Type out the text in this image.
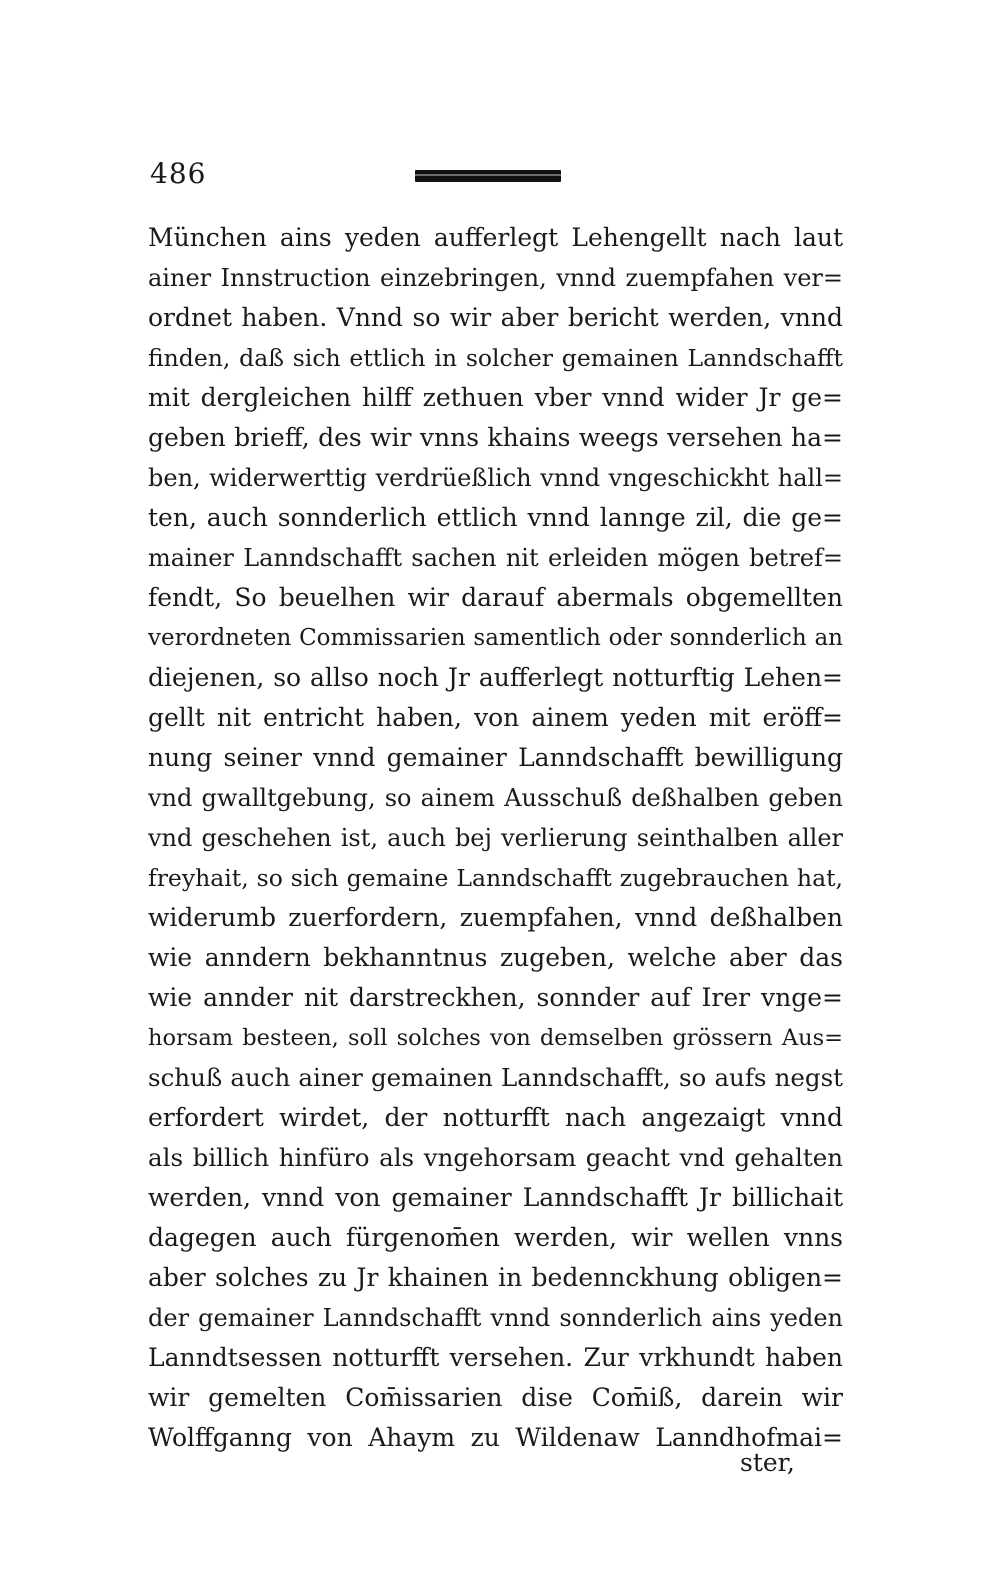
486
München ains yeden aufferlegt Lehengellt nach laut
ainer Innstruction einzebringen, vnnd zuempfahen ver=
ordnet haben. Vnnd so wir aber bericht werden, vnnd
finden, daß sich ettlich in solcher gemainen Lanndschafft
mit dergleichen hilff zethuen vber vnnd wider Jr ge=
geben brieff, des wir vnns khains weegs versehen ha=
ben, widerwerttig verdrüeßlich vnnd vngeschickht hall=
ten, auch sonnderlich ettlich vnnd lannge zil, die ge=
mainer Lanndschafft sachen nit erleiden mögen betref=
fendt, So beuelhen wir darauf abermals obgemellten
verordneten Commissarien samentlich oder sonnderlich an
diejenen, so allso noch Jr aufferlegt notturftig Lehen=
gellt nit entricht haben, von ainem yeden mit eröff=
nung seiner vnnd gemainer Lanndschafft bewilligung
vnd gwalltgebung, so ainem Ausschuß deßhalben geben
vnd geschehen ist, auch bej verlierung seinthalben aller
freyhait, so sich gemaine Lanndschafft zugebrauchen hat,
widerumb zuerfordern, zuempfahen, vnnd deßhalben
wie anndern bekhanntnus zugeben, welche aber das
wie annder nit darstreckhen, sonnder auf Irer vnge=
horsam besteen, soll solches von demselben grössern Aus=
schuß auch ainer gemainen Lanndschafft, so aufs negst
erfordert wirdet, der notturfft nach angezaigt vnnd
als billich hinfüro als vngehorsam geacht vnd gehalten
werden, vnnd von gemainer Lanndschafft Jr billichait
dagegen auch fürgenom̄en werden, wir wellen vnns
aber solches zu Jr khainen in bedennckhung obligen=
der gemainer Lanndschafft vnnd sonnderlich ains yeden
Lanndtsessen notturfft versehen. Zur vrkhundt haben
wir gemelten Com̄issarien dise Com̄iß, darein wir
Wolffganng von Ahaym zu Wildenaw Lanndhofmai=
ster,
